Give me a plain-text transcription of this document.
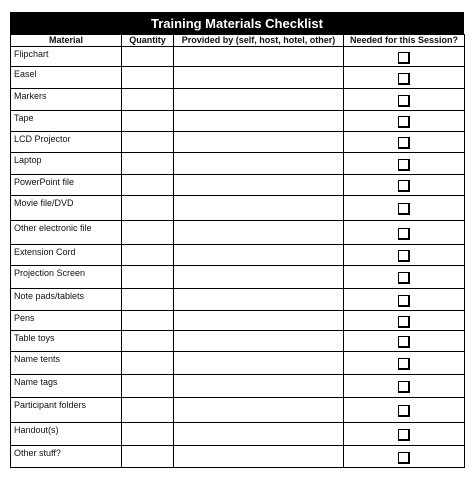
Training Materials Checklist
Material	Quantity	Provided by (self, host, hotel, other)	Needed for this Session?
Flipchart			
Easel			
Markers			
Tape			
LCD Projector			
Laptop			
PowerPoint file			
Movie file/DVD			
Other electronic file			
Extension Cord			
Projection Screen			
Note pads/tablets			
Pens			
Table toys			
Name tents			
Name tags			
Participant folders			
Handout(s)			
Other stuff?			
